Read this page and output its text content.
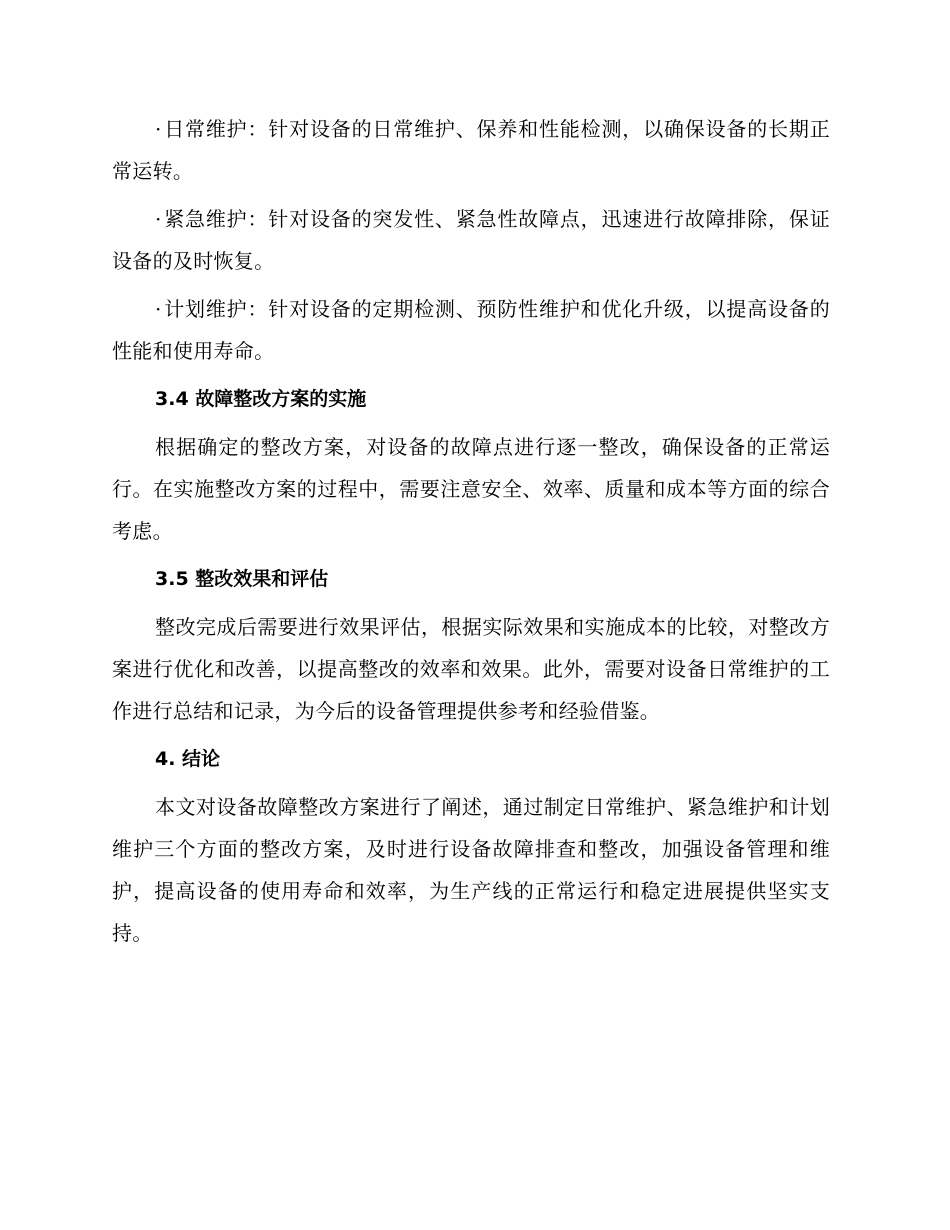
· 日常维护：针对设备的日常维护、保养和性能检测，以确保设备的长期正常运转。

· 紧急维护：针对设备的突发性、紧急性故障点，迅速进行故障排除，保证设备的及时恢复。

· 计划维护：针对设备的定期检测、预防性维护和优化升级，以提高设备的性能和使用寿命。

3.4 故障整改方案的实施

根据确定的整改方案，对设备的故障点进行逐一整改，确保设备的正常运行。在实施整改方案的过程中，需要注意安全、效率、质量和成本等方面的综合考虑。

3.5 整改效果和评估

整改完成后需要进行效果评估，根据实际效果和实施成本的比较，对整改方案进行优化和改善，以提高整改的效率和效果。此外，需要对设备日常维护的工作进行总结和记录，为今后的设备管理提供参考和经验借鉴。

4. 结论

本文对设备故障整改方案进行了阐述，通过制定日常维护、紧急维护和计划维护三个方面的整改方案，及时进行设备故障排查和整改，加强设备管理和维护，提高设备的使用寿命和效率，为生产线的正常运行和稳定进展提供坚实支持。
